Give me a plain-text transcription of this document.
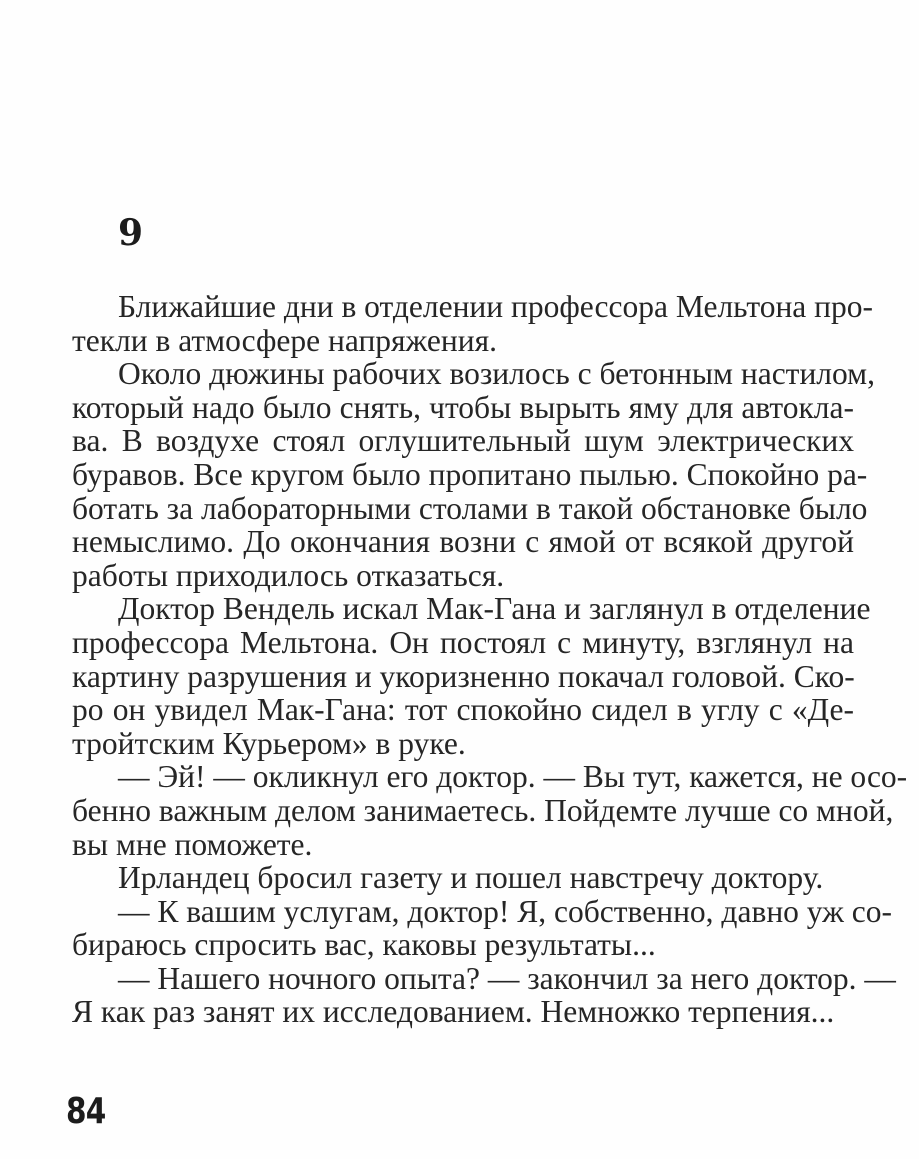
9
Ближайшие дни в отделении профессора Мельтона про-
текли в атмосфере напряжения.
Около дюжины рабочих возилось с бетонным настилом,
который надо было снять, чтобы вырыть яму для автокла-
ва. В воздухе стоял оглушительный шум электрических
буравов. Все кругом было пропитано пылью. Спокойно ра-
ботать за лабораторными столами в такой обстановке было
немыслимо. До окончания возни с ямой от всякой другой
работы приходилось отказаться.
Доктор Вендель искал Мак-Гана и заглянул в отделение
профессора Мельтона. Он постоял с минуту, взглянул на
картину разрушения и укоризненно покачал головой. Ско-
ро он увидел Мак-Гана: тот спокойно сидел в углу с «Де-
тройтским Курьером» в руке.
— Эй! — окликнул его доктор. — Вы тут, кажется, не осо-
бенно важным делом занимаетесь. Пойдемте лучше со мной,
вы мне поможете.
Ирландец бросил газету и пошел навстречу доктору.
— К вашим услугам, доктор! Я, собственно, давно уж со-
бираюсь спросить вас, каковы результаты...
— Нашего ночного опыта? — закончил за него доктор. —
Я как раз занят их исследованием. Немножко терпения...
84
